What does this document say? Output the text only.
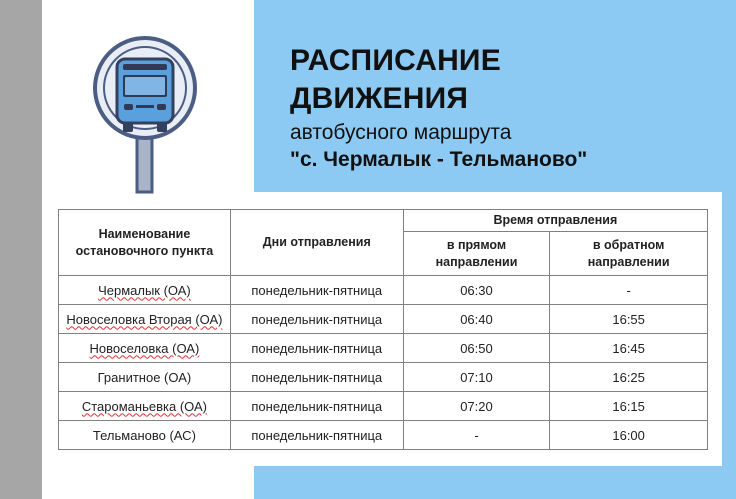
РАСПИСАНИЕ
ДВИЖЕНИЯ
автобусного маршрута
"с. Чермалык - Тельманово"
Наименование остановочного пункта	Дни отправления	Время отправления	
		в прямом направлении	в обратном направлении
Чермалык (ОА)	понедельник-пятница	06:30	-
Новоселовка Вторая (ОА)	понедельник-пятница	06:40	16:55
Новоселовка (ОА)	понедельник-пятница	06:50	16:45
Гранитное (ОА)	понедельник-пятница	07:10	16:25
Староманьевка (ОА)	понедельник-пятница	07:20	16:15
Тельманово (АС)	понедельник-пятница	-	16:00
